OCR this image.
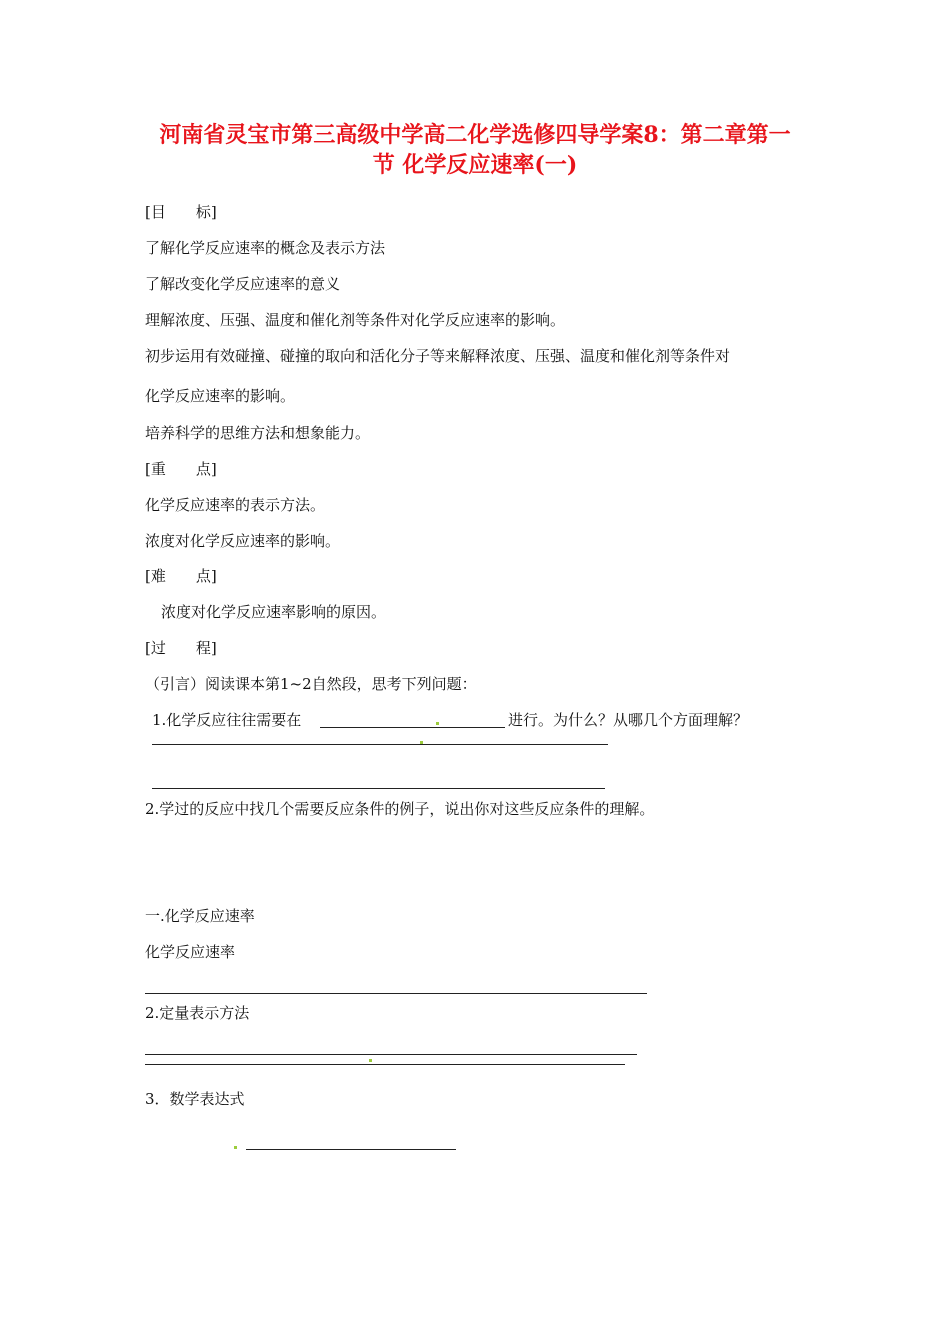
河南省灵宝市第三高级中学高二化学选修四导学案8：第二章第一
节 化学反应速率(一)
[目 标]
了解化学反应速率的概念及表示方法
了解改变化学反应速率的意义
理解浓度、压强、温度和催化剂等条件对化学反应速率的影响。
初步运用有效碰撞、碰撞的取向和活化分子等来解释浓度、压强、温度和催化剂等条件对
化学反应速率的影响。
培养科学的思维方法和想象能力。
[重 点]
化学反应速率的表示方法。
浓度对化学反应速率的影响。
[难 点]
浓度对化学反应速率影响的原因。
[过 程]
（引言）阅读课本第1~2自然段，思考下列问题：
1.化学反应往往需要在	进行。为什么？从哪几个方面理解？
2.学过的反应中找几个需要反应条件的例子，说出你对这些反应条件的理解。
一.化学反应速率
化学反应速率
2.定量表示方法
3．数学表达式
